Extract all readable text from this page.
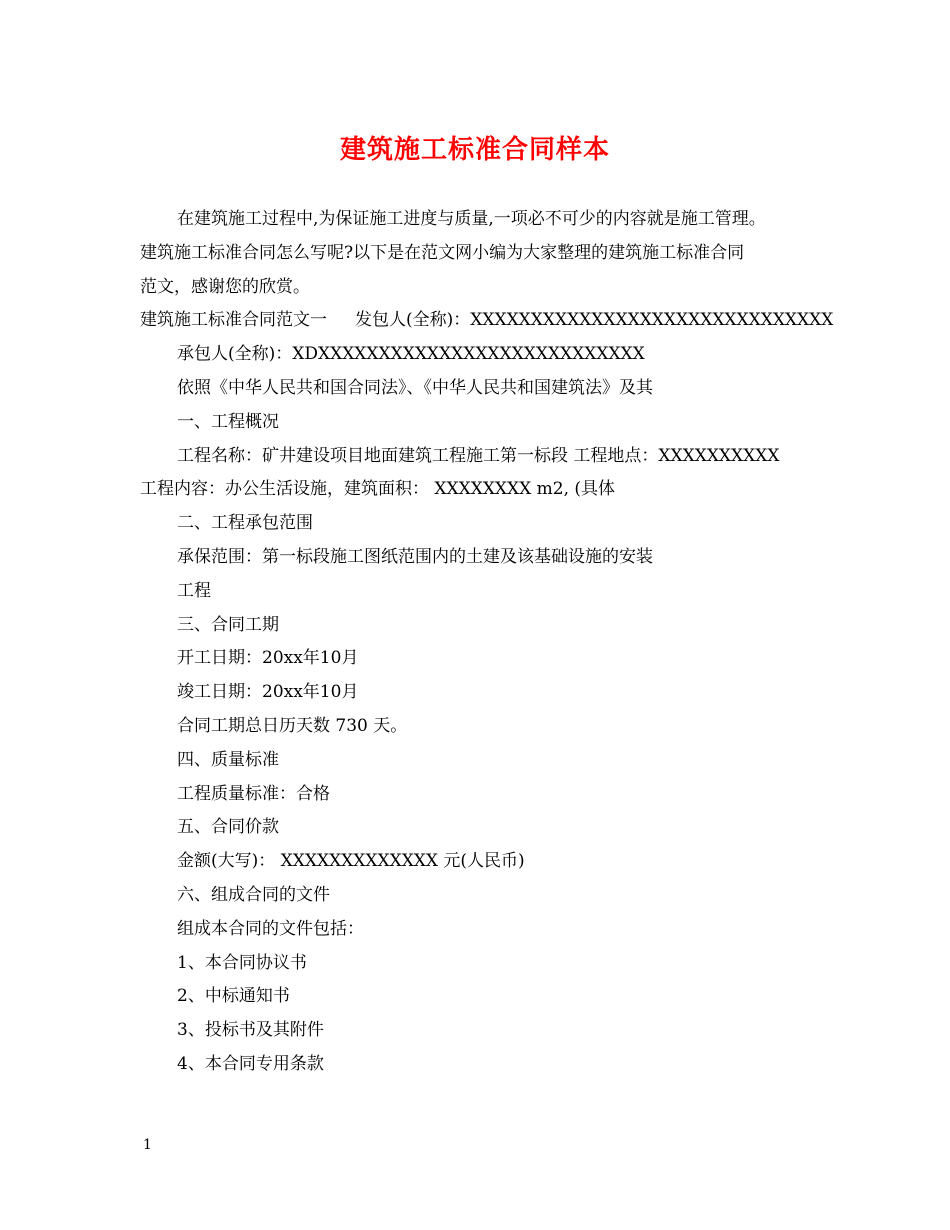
建筑施工标准合同样本
在建筑施工过程中,为保证施工进度与质量,一项必不可少的内容就是施工管理。
建筑施工标准合同怎么写呢?以下是在范文网小编为大家整理的建筑施工标准合同
范文，感谢您的欣赏。
建筑施工标准合同范文一 发包人(全称)：XXXXXXXXXXXXXXXXXXXXXXXXXXXXXX
承包人(全称)：XDXXXXXXXXXXXXXXXXXXXXXXXXXXX
依照《中华人民共和国合同法》、《中华人民共和国建筑法》及其
一、工程概况
工程名称：矿井建设项目地面建筑工程施工第一标段 工程地点：XXXXXXXXXX
工程内容：办公生活设施，建筑面积： XXXXXXXX m2, (具体
二、工程承包范围
承保范围：第一标段施工图纸范围内的土建及该基础设施的安装
工程
三、合同工期
开工日期：20xx年10月
竣工日期：20xx年10月
合同工期总日历天数 730 天。
四、质量标准
工程质量标准：合格
五、合同价款
金额(大写)： XXXXXXXXXXXXX 元(人民币)
六、组成合同的文件
组成本合同的文件包括：
1、本合同协议书
2、中标通知书
3、投标书及其附件
4、本合同专用条款
1
